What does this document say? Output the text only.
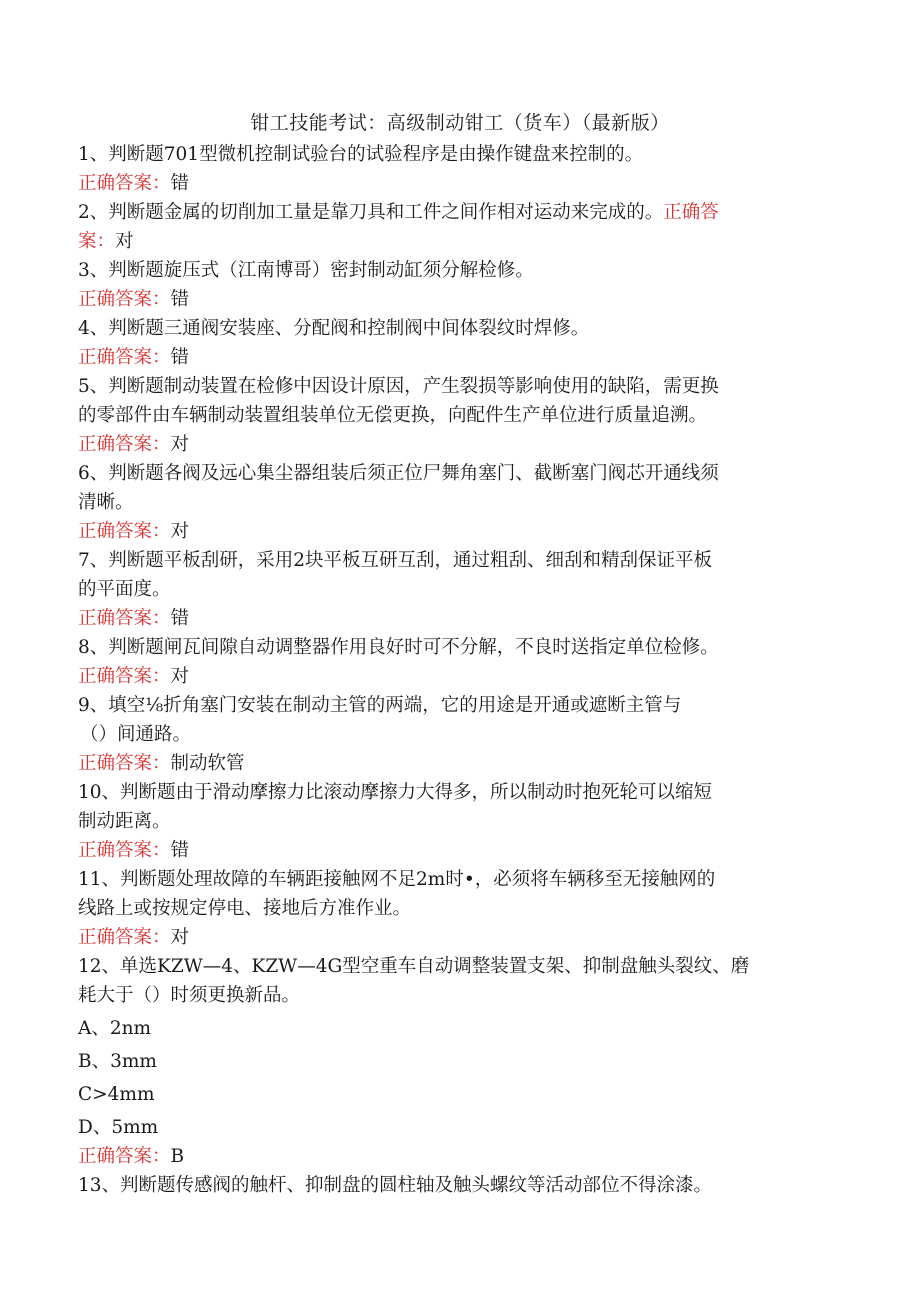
钳工技能考试：高级制动钳工（货车）（最新版）
1、判断题701型微机控制试验台的试验程序是由操作键盘来控制的。
正确答案：错
2、判断题金属的切削加工量是靠刀具和工件之间作相对运动来完成的。正确答
案：对
3、判断题旋压式（江南博哥）密封制动缸须分解检修。
正确答案：错
4、判断题三通阀安装座、分配阀和控制阀中间体裂纹时焊修。
正确答案：错
5、判断题制动装置在检修中因设计原因，产生裂损等影响使用的缺陷，需更换
的零部件由车辆制动装置组装单位无偿更换，向配件生产单位进行质量追溯。
正确答案：对
6、判断题各阀及远心集尘器组装后须正位尸舞角塞门、截断塞门阀芯开通线须
清晰。
正确答案：对
7、判断题平板刮研，采用2块平板互研互刮，通过粗刮、细刮和精刮保证平板
的平面度。
正确答案：错
8、判断题闸瓦间隙自动调整器作用良好时可不分解，不良时送指定单位检修。
正确答案：对
9、填空⅛折角塞门安装在制动主管的两端，它的用途是开通或遮断主管与
（）间通路。
正确答案：制动软管
10、判断题由于滑动摩擦力比滚动摩擦力大得多，所以制动时抱死轮可以缩短
制动距离。
正确答案：错
11、判断题处理故障的车辆距接触网不足2m时•，必须将车辆移至无接触网的
线路上或按规定停电、接地后方准作业。
正确答案：对
12、单选KZW—4、KZW—4G型空重车自动调整装置支架、抑制盘触头裂纹、磨
耗大于（）时须更换新品。
A、2nm
B、3mm
C>4mm
D、5mm
正确答案：B
13、判断题传感阀的触杆、抑制盘的圆柱轴及触头螺纹等活动部位不得涂漆。
